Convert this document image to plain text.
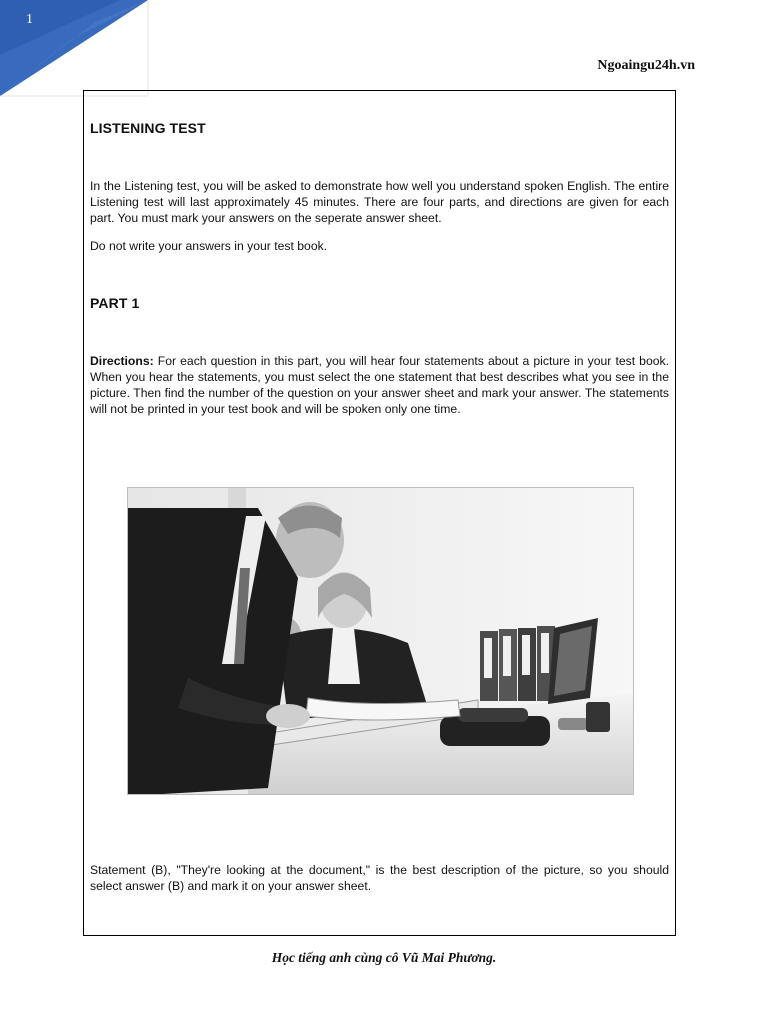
1
Ngoaingu24h.vn
LISTENING TEST

In the Listening test, you will be asked to demonstrate how well you understand spoken English. The entire Listening test will last approximately 45 minutes. There are four parts, and directions are given for each part. You must mark your answers on the seperate answer sheet.

Do not write your answers in your test book.

PART 1

Directions: For each question in this part, you will hear four statements about a picture in your test book. When you hear the statements, you must select the one statement that best describes what you see in the picture. Then find the number of the question on your answer sheet and mark your answer. The statements will not be printed in your test book and will be spoken only one time.

Statement (B), "They're looking at the document," is the best description of the picture, so you should select answer (B) and mark it on your answer sheet.

Học tiếng anh cùng cô Vũ Mai Phương.
